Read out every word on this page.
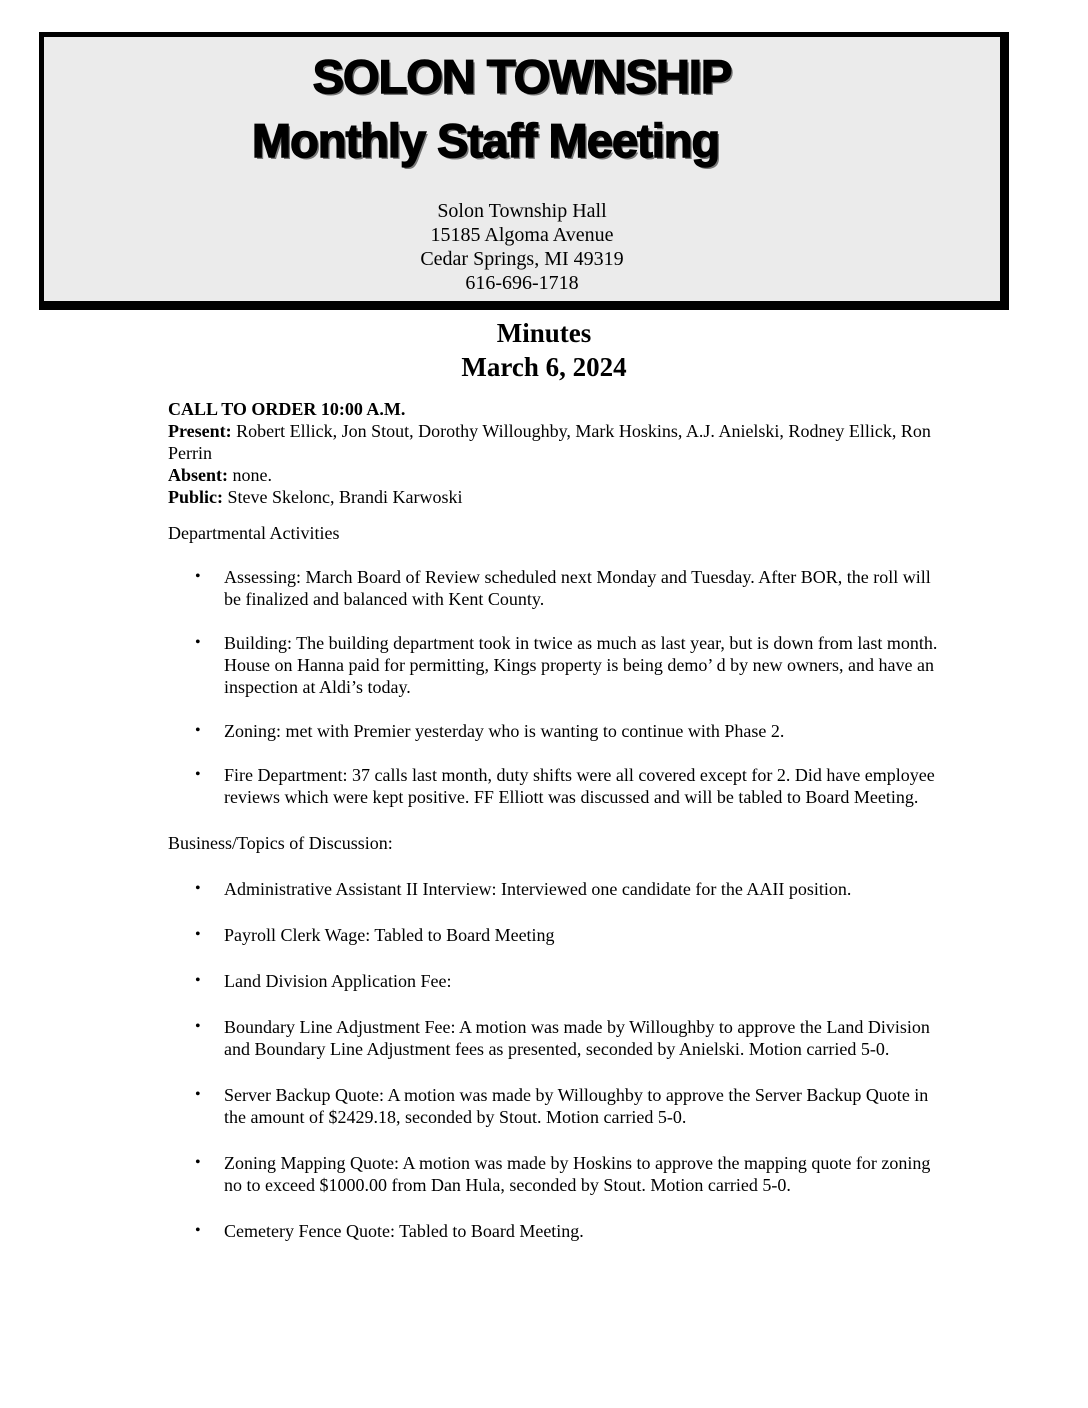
SOLON TOWNSHIP
Monthly Staff Meeting
Solon Township Hall
15185 Algoma Avenue
Cedar Springs, MI 49319
616-696-1718
Minutes
March 6, 2024

CALL TO ORDER 10:00 A.M.

Present: Robert Ellick, Jon Stout, Dorothy Willoughby, Mark Hoskins, A.J. Anielski, Rodney Ellick, Ron Perrin

Absent: none.

Public: Steve Skelonc, Brandi Karwoski

Departmental Activities

• Assessing: March Board of Review scheduled next Monday and Tuesday. After BOR, the roll will be finalized and balanced with Kent County.
• Building: The building department took in twice as much as last year, but is down from last month. House on Hanna paid for permitting, Kings property is being demo’ d by new owners, and have an inspection at Aldi’s today.
• Zoning: met with Premier yesterday who is wanting to continue with Phase 2.
• Fire Department: 37 calls last month, duty shifts were all covered except for 2. Did have employee reviews which were kept positive. FF Elliott was discussed and will be tabled to Board Meeting.

Business/Topics of Discussion:

• Administrative Assistant II Interview: Interviewed one candidate for the AAII position.
• Payroll Clerk Wage: Tabled to Board Meeting
• Land Division Application Fee:
• Boundary Line Adjustment Fee: A motion was made by Willoughby to approve the Land Division and Boundary Line Adjustment fees as presented, seconded by Anielski. Motion carried 5-0.
• Server Backup Quote: A motion was made by Willoughby to approve the Server Backup Quote in the amount of $2429.18, seconded by Stout. Motion carried 5-0.
• Zoning Mapping Quote: A motion was made by Hoskins to approve the mapping quote for zoning no to exceed $1000.00 from Dan Hula, seconded by Stout. Motion carried 5-0.
• Cemetery Fence Quote: Tabled to Board Meeting.
